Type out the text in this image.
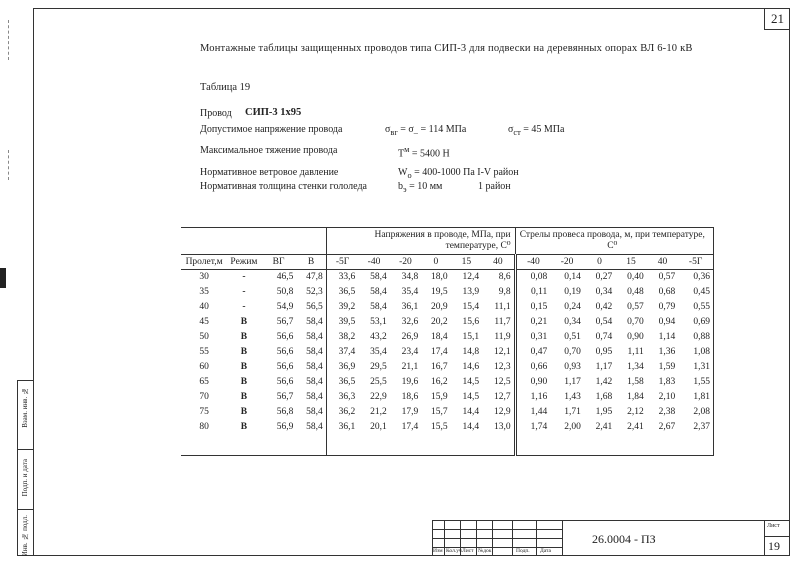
21
Взам. инв. №
Подп. и дата
Инв. № подл.
Монтажные таблицы защищенных проводов типа СИП-3 для подвески на деревянных опорах ВЛ 6-10 кВ
Таблица 19
Провод СИП-3 1х95
Допустимое напряжение провода	$\sigma_{вг} = \sigma_- = 114$ МПа	$\sigma_{ст} = 45$ МПа
Максимальное тяжение провода	$T^м = 5400$ Н
Нормативное ветровое давление	$W_о = 400-1000$ Па I-V район
Нормативная толщина стенки гололеда	$b_э = 10$ мм	1 район
				Напряжения в проводе, МПа, при температуре, С⁰						Стрелы провеса провода, м, при температуре, С⁰					
Пролет,м	Режим	ВГ	В	-5Г	-40	-20	0	15	40	-40	-20	0	15	40	-5Г
30	-	46,5	47,8	33,6	58,4	34,8	18,0	12,4	8,6	0,08	0,14	0,27	0,40	0,57	0,36
35	-	50,8	52,3	36,5	58,4	35,4	19,5	13,9	9,8	0,11	0,19	0,34	0,48	0,68	0,45
40	-	54,9	56,5	39,2	58,4	36,1	20,9	15,4	11,1	0,15	0,24	0,42	0,57	0,79	0,55
45	В	56,7	58,4	39,5	53,1	32,6	20,2	15,6	11,7	0,21	0,34	0,54	0,70	0,94	0,69
50	В	56,6	58,4	38,2	43,2	26,9	18,4	15,1	11,9	0,31	0,51	0,74	0,90	1,14	0,88
55	В	56,6	58,4	37,4	35,4	23,4	17,4	14,8	12,1	0,47	0,70	0,95	1,11	1,36	1,08
60	В	56,6	58,4	36,9	29,5	21,1	16,7	14,6	12,3	0,66	0,93	1,17	1,34	1,59	1,31
65	В	56,6	58,4	36,5	25,5	19,6	16,2	14,5	12,5	0,90	1,17	1,42	1,58	1,83	1,55
70	В	56,7	58,4	36,3	22,9	18,6	15,9	14,5	12,7	1,16	1,43	1,68	1,84	2,10	1,81
75	В	56,8	58,4	36,2	21,2	17,9	15,7	14,4	12,9	1,44	1,71	1,95	2,12	2,38	2,08
80	В	56,9	58,4	36,1	20,1	17,4	15,5	14,4	13,0	1,74	2,00	2,41	2,41	2,67	2,37

Изм Кол.уч Лист №док	Подп. Дата
26.0004 - ПЗ
Лист
19
